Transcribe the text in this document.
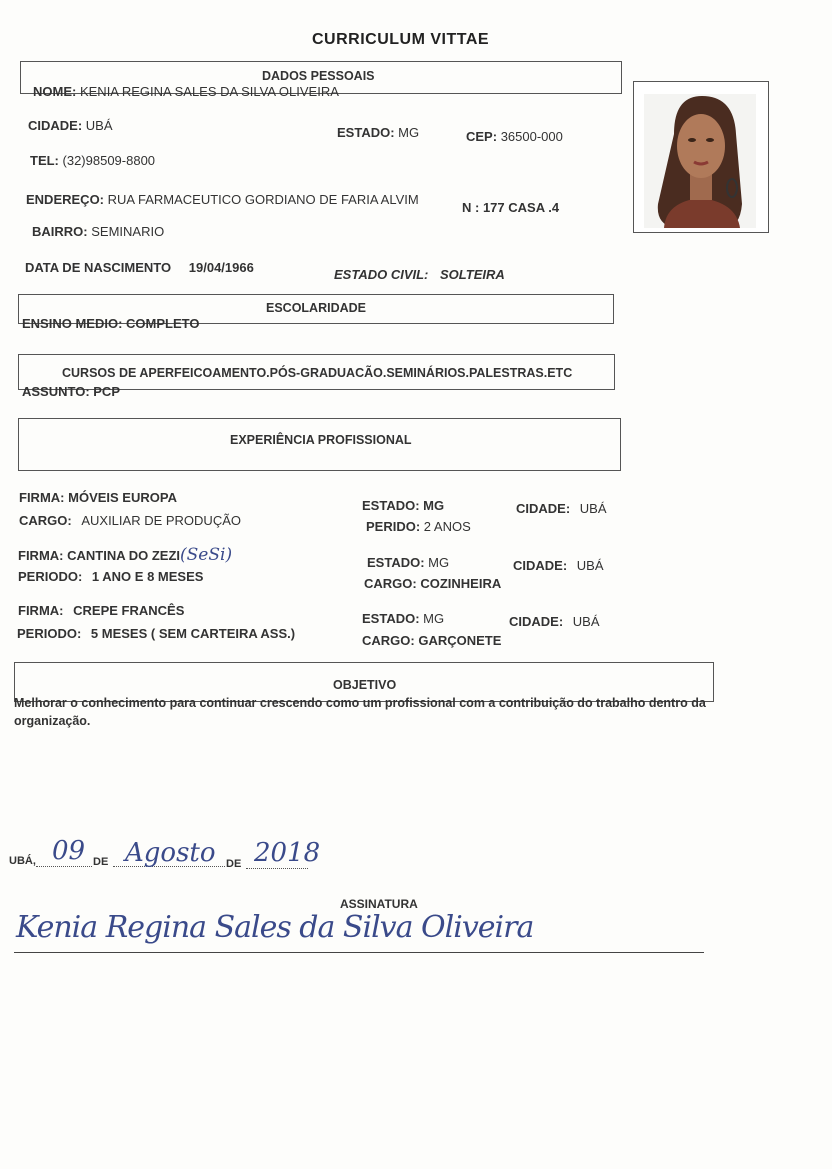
CURRICULUM VITTAE
DADOS PESSOAIS
NOME: KENIA REGINA SALES DA SILVA OLIVEIRA
CIDADE: UBÁ	ESTADO: MG	CEP: 36500-000
TEL: (32)98509-8800
ENDEREÇO: RUA FARMACEUTICO GORDIANO DE FARIA ALVIM
N : 177 CASA .4
BAIRRO: SEMINARIO
DATA DE NASCIMENTO 19/04/1966	ESTADO CIVIL: SOLTEIRA
ESCOLARIDADE
ENSINO MEDIO: COMPLETO
CURSOS DE APERFEICOAMENTO.PÓS-GRADUACÃO.SEMINÁRIOS.PALESTRAS.ETC
ASSUNTO: PCP
EXPERIÊNCIA PROFISSIONAL
FIRMA: MÓVEIS EUROPA
CARGO: AUXILIAR DE PRODUÇÃO
ESTADO: MG
PERIDO: 2 ANOS
CIDADE: UBÁ
FIRMA: CANTINA DO ZEZI(SeSi)
PERIODO: 1 ANO E 8 MESES
ESTADO: MG
CARGO: COZINHEIRA
CIDADE: UBÁ
FIRMA: CREPE FRANCÊS
PERIODO: 5 MESES ( SEM CARTEIRA ASS.)
ESTADO: MG
CARGO: GARÇONETE
CIDADE: UBÁ
OBJETIVO
Melhorar o conhecimento para continuar crescendo como um profissional com a contribuição do trabalho dentro da organização.
UBÁ, 09 DE Agosto DE 2018
ASSINATURA
Kenia Regina Sales da Silva Oliveira
